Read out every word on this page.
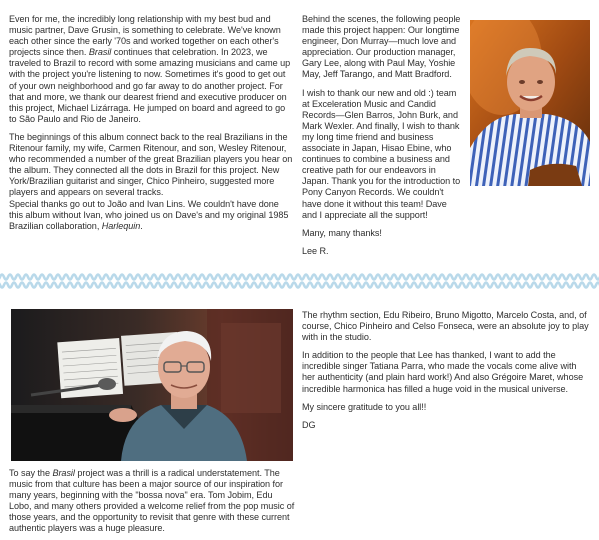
Even for me, the incredibly long relationship with my best bud and music partner, Dave Grusin, is something to celebrate. We've known each other since the early '70s and worked together on each other's projects since then. Brasil continues that celebration. In 2023, we traveled to Brazil to record with some amazing musicians and came up with the project you're listening to now. Sometimes it's good to get out of your own neighborhood and go far away to do another project. For that and more, we thank our dearest friend and executive producer on this project, Michael Lizárraga. He jumped on board and agreed to go to São Paulo and Rio de Janeiro.

The beginnings of this album connect back to the real Brazilians in the Ritenour family, my wife, Carmen Ritenour, and son, Wesley Ritenour, who recommended a number of the great Brazilian players you hear on the album. They connected all the dots in Brazil for this project. New York/Brazilian guitarist and singer, Chico Pinheiro, suggested more players and appears on several tracks.

Special thanks go out to João and Ivan Lins. We couldn't have done this album without Ivan, who joined us on Dave's and my original 1985 Brazilian collaboration, Harlequin.

Behind the scenes, the following people made this project happen: Our longtime engineer, Don Murray—much love and appreciation. Our production manager, Gary Lee, along with Paul May, Yoshie May, Jeff Tarango, and Matt Bradford.

I wish to thank our new and old :) team at Exceleration Music and Candid Records—Glen Barros, John Burk, and Mark Wexler. And finally, I wish to thank my long time friend and business associate in Japan, Hisao Ebine, who continues to combine a business and creative path for our endeavors in Japan. Thank you for the introduction to Pony Canyon Records. We couldn't have done it without this team! Dave and I appreciate all the support!

Many, many thanks!

Lee R.

The rhythm section, Edu Ribeiro, Bruno Migotto, Marcelo Costa, and, of course, Chico Pinheiro and Celso Fonseca, were an absolute joy to play with in the studio.

In addition to the people that Lee has thanked, I want to add the incredible singer Tatiana Parra, who made the vocals come alive with her authenticity (and plain hard work!) And also Grégoire Maret, whose incredible harmonica has filled a huge void in the musical universe.

My sincere gratitude to you all!!

DG

To say the Brasil project was a thrill is a radical understatement. The music from that culture has been a major source of our inspiration for many years, beginning with the "bossa nova" era. Tom Jobim, Edu Lobo, and many others provided a welcome relief from the pop music of those years, and the opportunity to revisit that genre with these current authentic players was a huge pleasure.
